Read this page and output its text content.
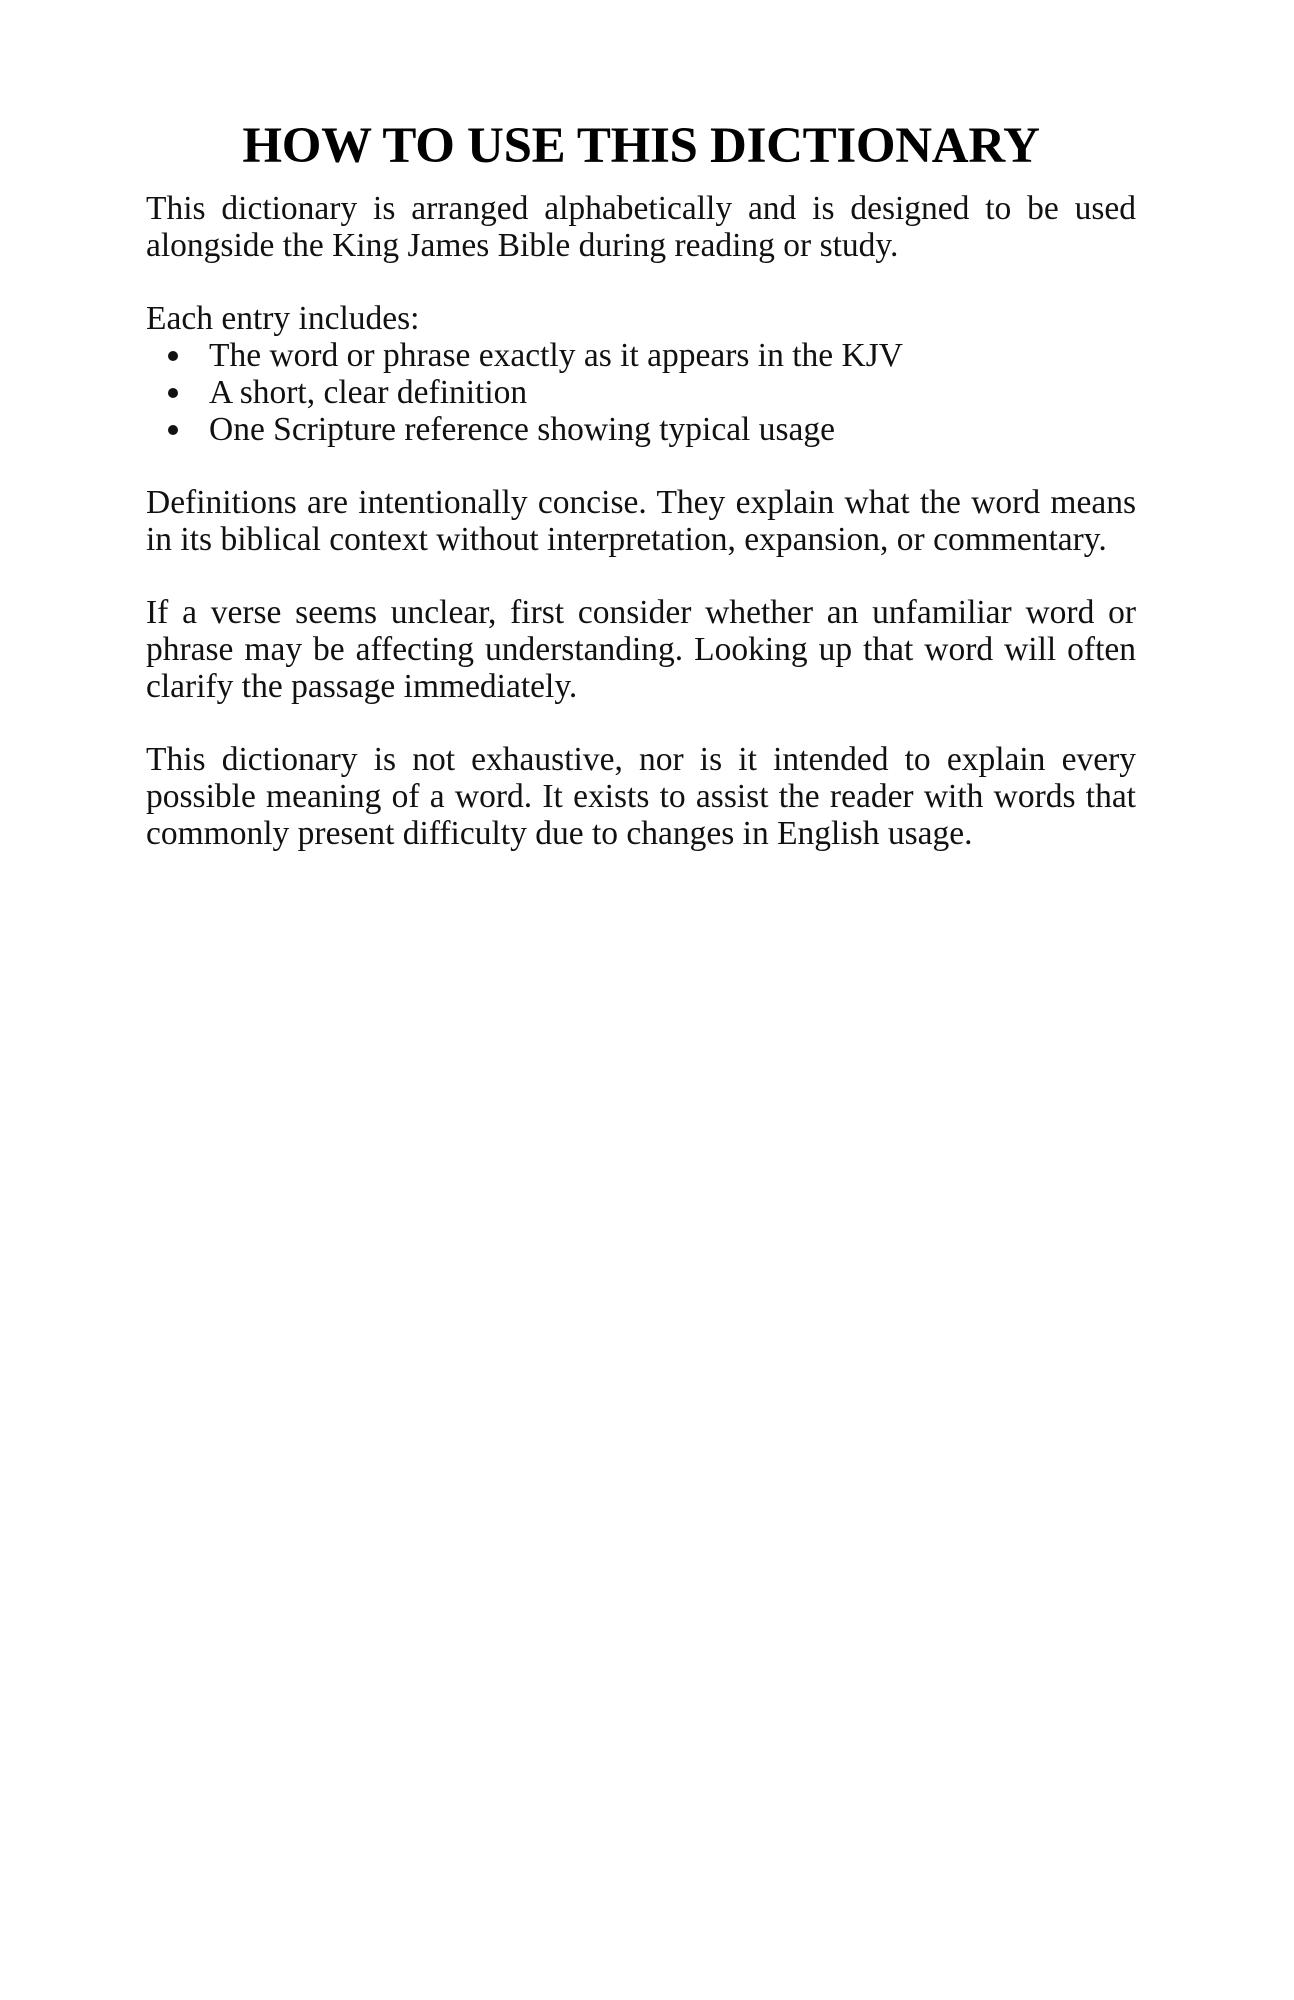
HOW TO USE THIS DICTIONARY

This dictionary is arranged alphabetically and is designed to be used alongside the King James Bible during reading or study.

Each entry includes:

The word or phrase exactly as it appears in the KJV
A short, clear definition
One Scripture reference showing typical usage

Definitions are intentionally concise. They explain what the word means in its biblical context without interpretation, expansion, or commentary.

If a verse seems unclear, first consider whether an unfamiliar word or phrase may be affecting understanding. Looking up that word will often clarify the passage immediately.

This dictionary is not exhaustive, nor is it intended to explain every possible meaning of a word. It exists to assist the reader with words that commonly present difficulty due to changes in English usage.
